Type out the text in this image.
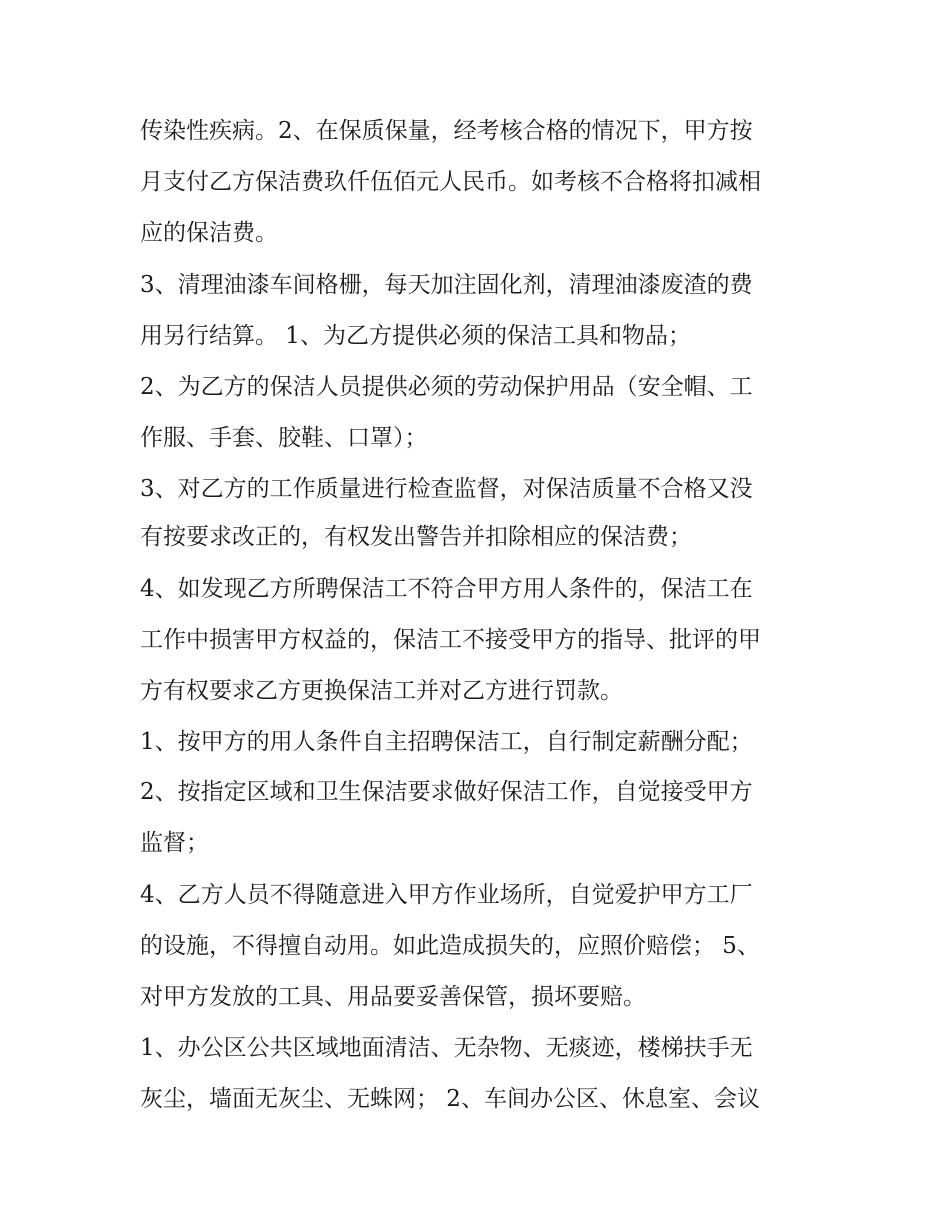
传染性疾病。2、在保质保量，经考核合格的情况下，甲方按
月支付乙方保洁费玖仟伍佰元人民币。如考核不合格将扣减相
应的保洁费。
3、清理油漆车间格栅，每天加注固化剂，清理油漆废渣的费
用另行结算。 1、为乙方提供必须的保洁工具和物品；
2、为乙方的保洁人员提供必须的劳动保护用品（安全帽、工
作服、手套、胶鞋、口罩）；
3、对乙方的工作质量进行检查监督，对保洁质量不合格又没
有按要求改正的，有权发出警告并扣除相应的保洁费；
4、如发现乙方所聘保洁工不符合甲方用人条件的，保洁工在
工作中损害甲方权益的，保洁工不接受甲方的指导、批评的甲
方有权要求乙方更换保洁工并对乙方进行罚款。
1、按甲方的用人条件自主招聘保洁工，自行制定薪酬分配；
2、按指定区域和卫生保洁要求做好保洁工作，自觉接受甲方
监督；
4、乙方人员不得随意进入甲方作业场所，自觉爱护甲方工厂
的设施，不得擅自动用。如此造成损失的，应照价赔偿； 5、
对甲方发放的工具、用品要妥善保管，损坏要赔。
1、办公区公共区域地面清洁、无杂物、无痰迹，楼梯扶手无
灰尘，墙面无灰尘、无蛛网； 2、车间办公区、休息室、会议
